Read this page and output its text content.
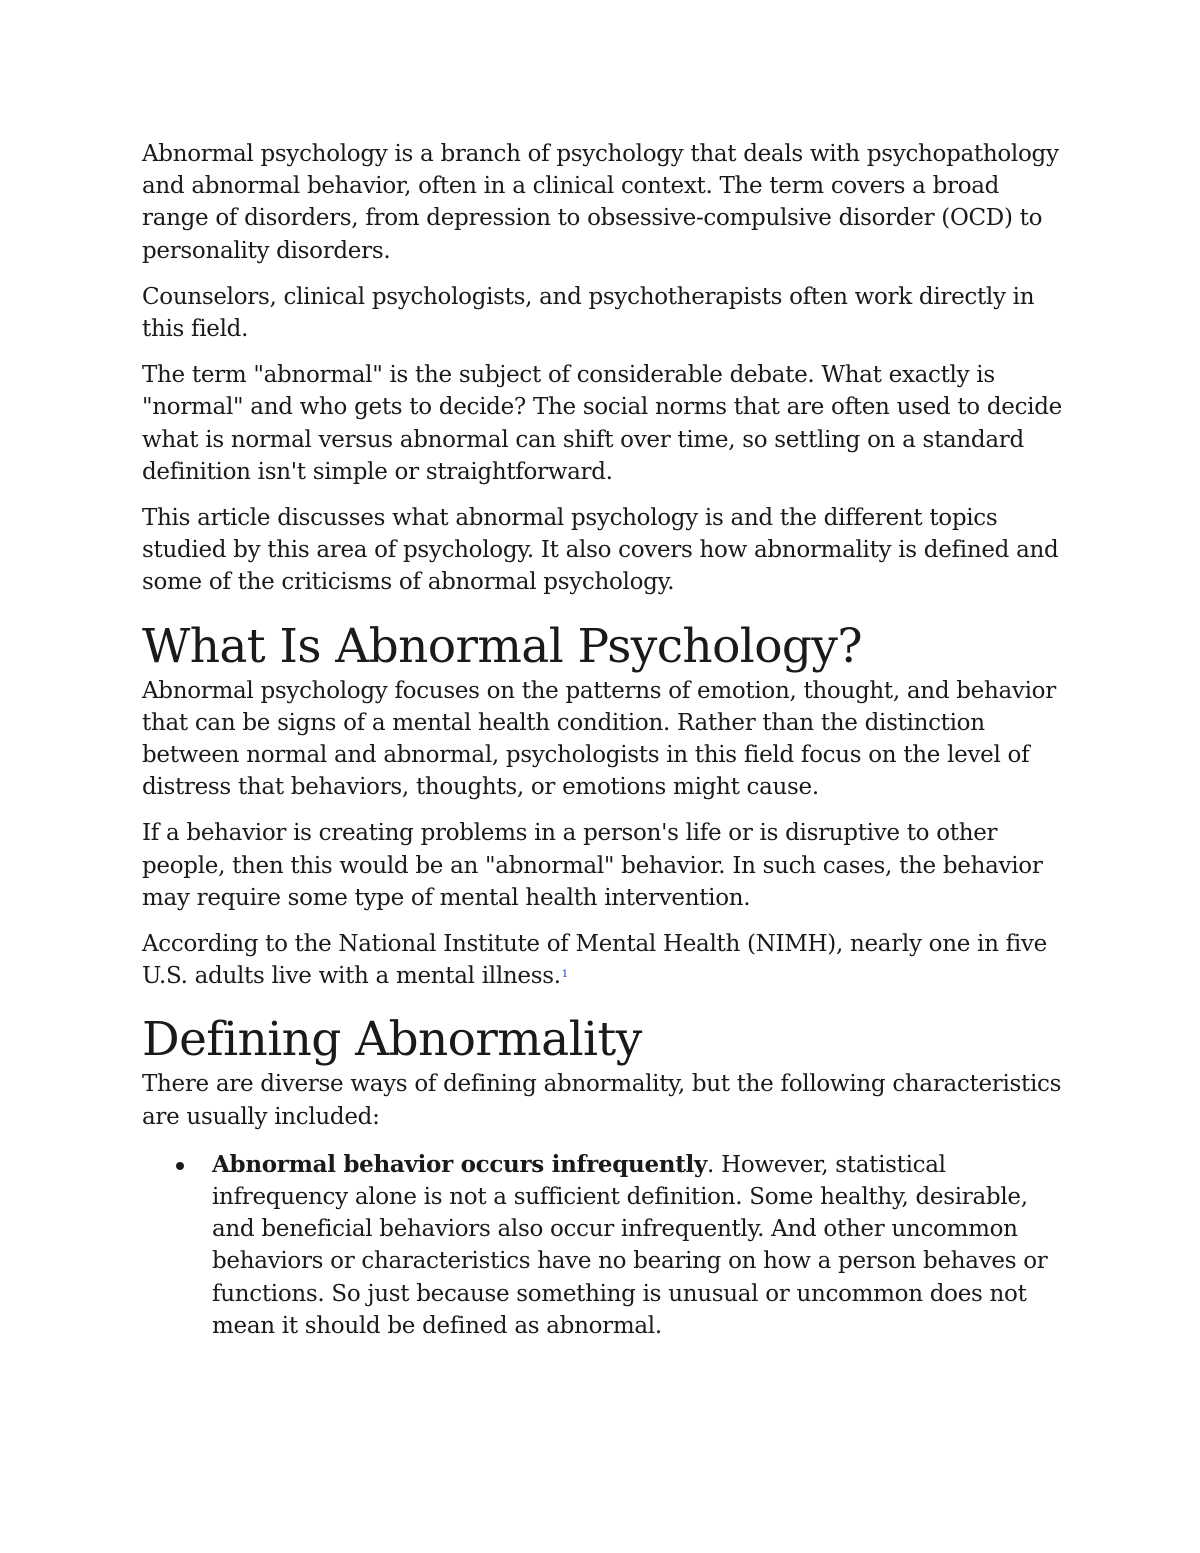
Abnormal psychology is a branch of psychology that deals with psychopathology and abnormal behavior, often in a clinical context. The term covers a broad range of disorders, from depression to obsessive-compulsive disorder (OCD) to personality disorders.

Counselors, clinical psychologists, and psychotherapists often work directly in this field.

The term "abnormal" is the subject of considerable debate. What exactly is "normal" and who gets to decide? The social norms that are often used to decide what is normal versus abnormal can shift over time, so settling on a standard definition isn't simple or straightforward.

This article discusses what abnormal psychology is and the different topics studied by this area of psychology. It also covers how abnormality is defined and some of the criticisms of abnormal psychology.

What Is Abnormal Psychology?

Abnormal psychology focuses on the patterns of emotion, thought, and behavior that can be signs of a mental health condition. Rather than the distinction between normal and abnormal, psychologists in this field focus on the level of distress that behaviors, thoughts, or emotions might cause.

If a behavior is creating problems in a person's life or is disruptive to other people, then this would be an "abnormal" behavior. In such cases, the behavior may require some type of mental health intervention.

According to the National Institute of Mental Health (NIMH), nearly one in five U.S. adults live with a mental illness.$^1$

Defining Abnormality

There are diverse ways of defining abnormality, but the following characteristics are usually included:

Abnormal behavior occurs infrequently. However, statistical infrequency alone is not a sufficient definition. Some healthy, desirable, and beneficial behaviors also occur infrequently. And other uncommon behaviors or characteristics have no bearing on how a person behaves or functions. So just because something is unusual or uncommon does not mean it should be defined as abnormal.
